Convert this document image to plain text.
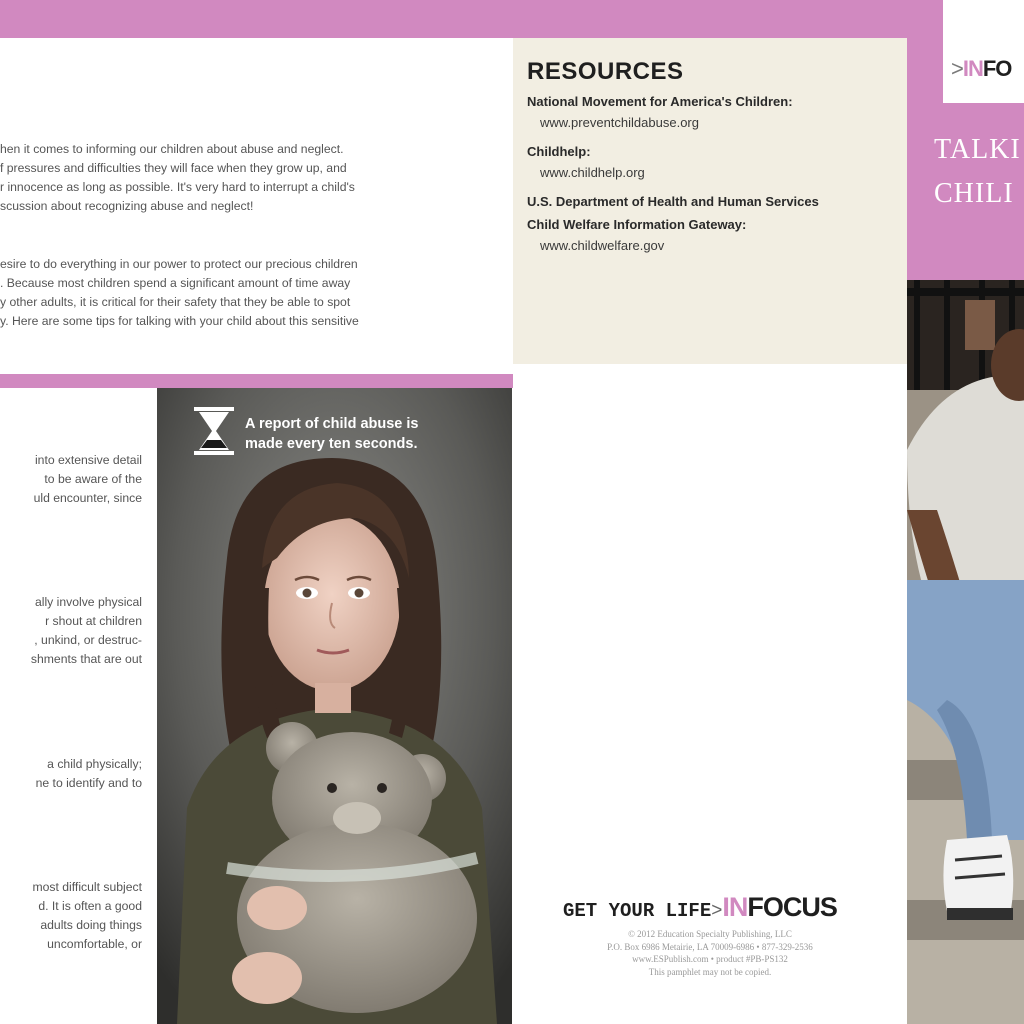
hen it comes to informing our children about abuse and neglect.
f pressures and difficulties they will face when they grow up, and
r innocence as long as possible. It's very hard to interrupt a child's
scussion about recognizing abuse and neglect!
esire to do everything in our power to protect our precious children
. Because most children spend a significant amount of time away
y other adults, it is critical for their safety that they be able to spot
y. Here are some tips for talking with your child about this sensitive
into extensive detail
to be aware of the
uld encounter, since
ally involve physical
r shout at children
, unkind, or destruc-
shments that are out
a child physically;
ne to identify and to
most difficult subject
d. It is often a good
adults doing things
uncomfortable, or
RESOURCES
National Movement for America's Children:
www.preventchildabuse.org
Childhelp:
www.childhelp.org
U.S. Department of Health and Human Services
Child Welfare Information Gateway:
www.childwelfare.gov
A report of child abuse is
made every ten seconds.
>INFO
TALKI
CHILI
GET YOUR LIFE>INFOCUS
© 2012 Education Specialty Publishing, LLC
P.O. Box 6986 Metairie, LA 70009-6986 • 877-329-2536
www.ESPublish.com • product #PB-PS132
This pamphlet may not be copied.
